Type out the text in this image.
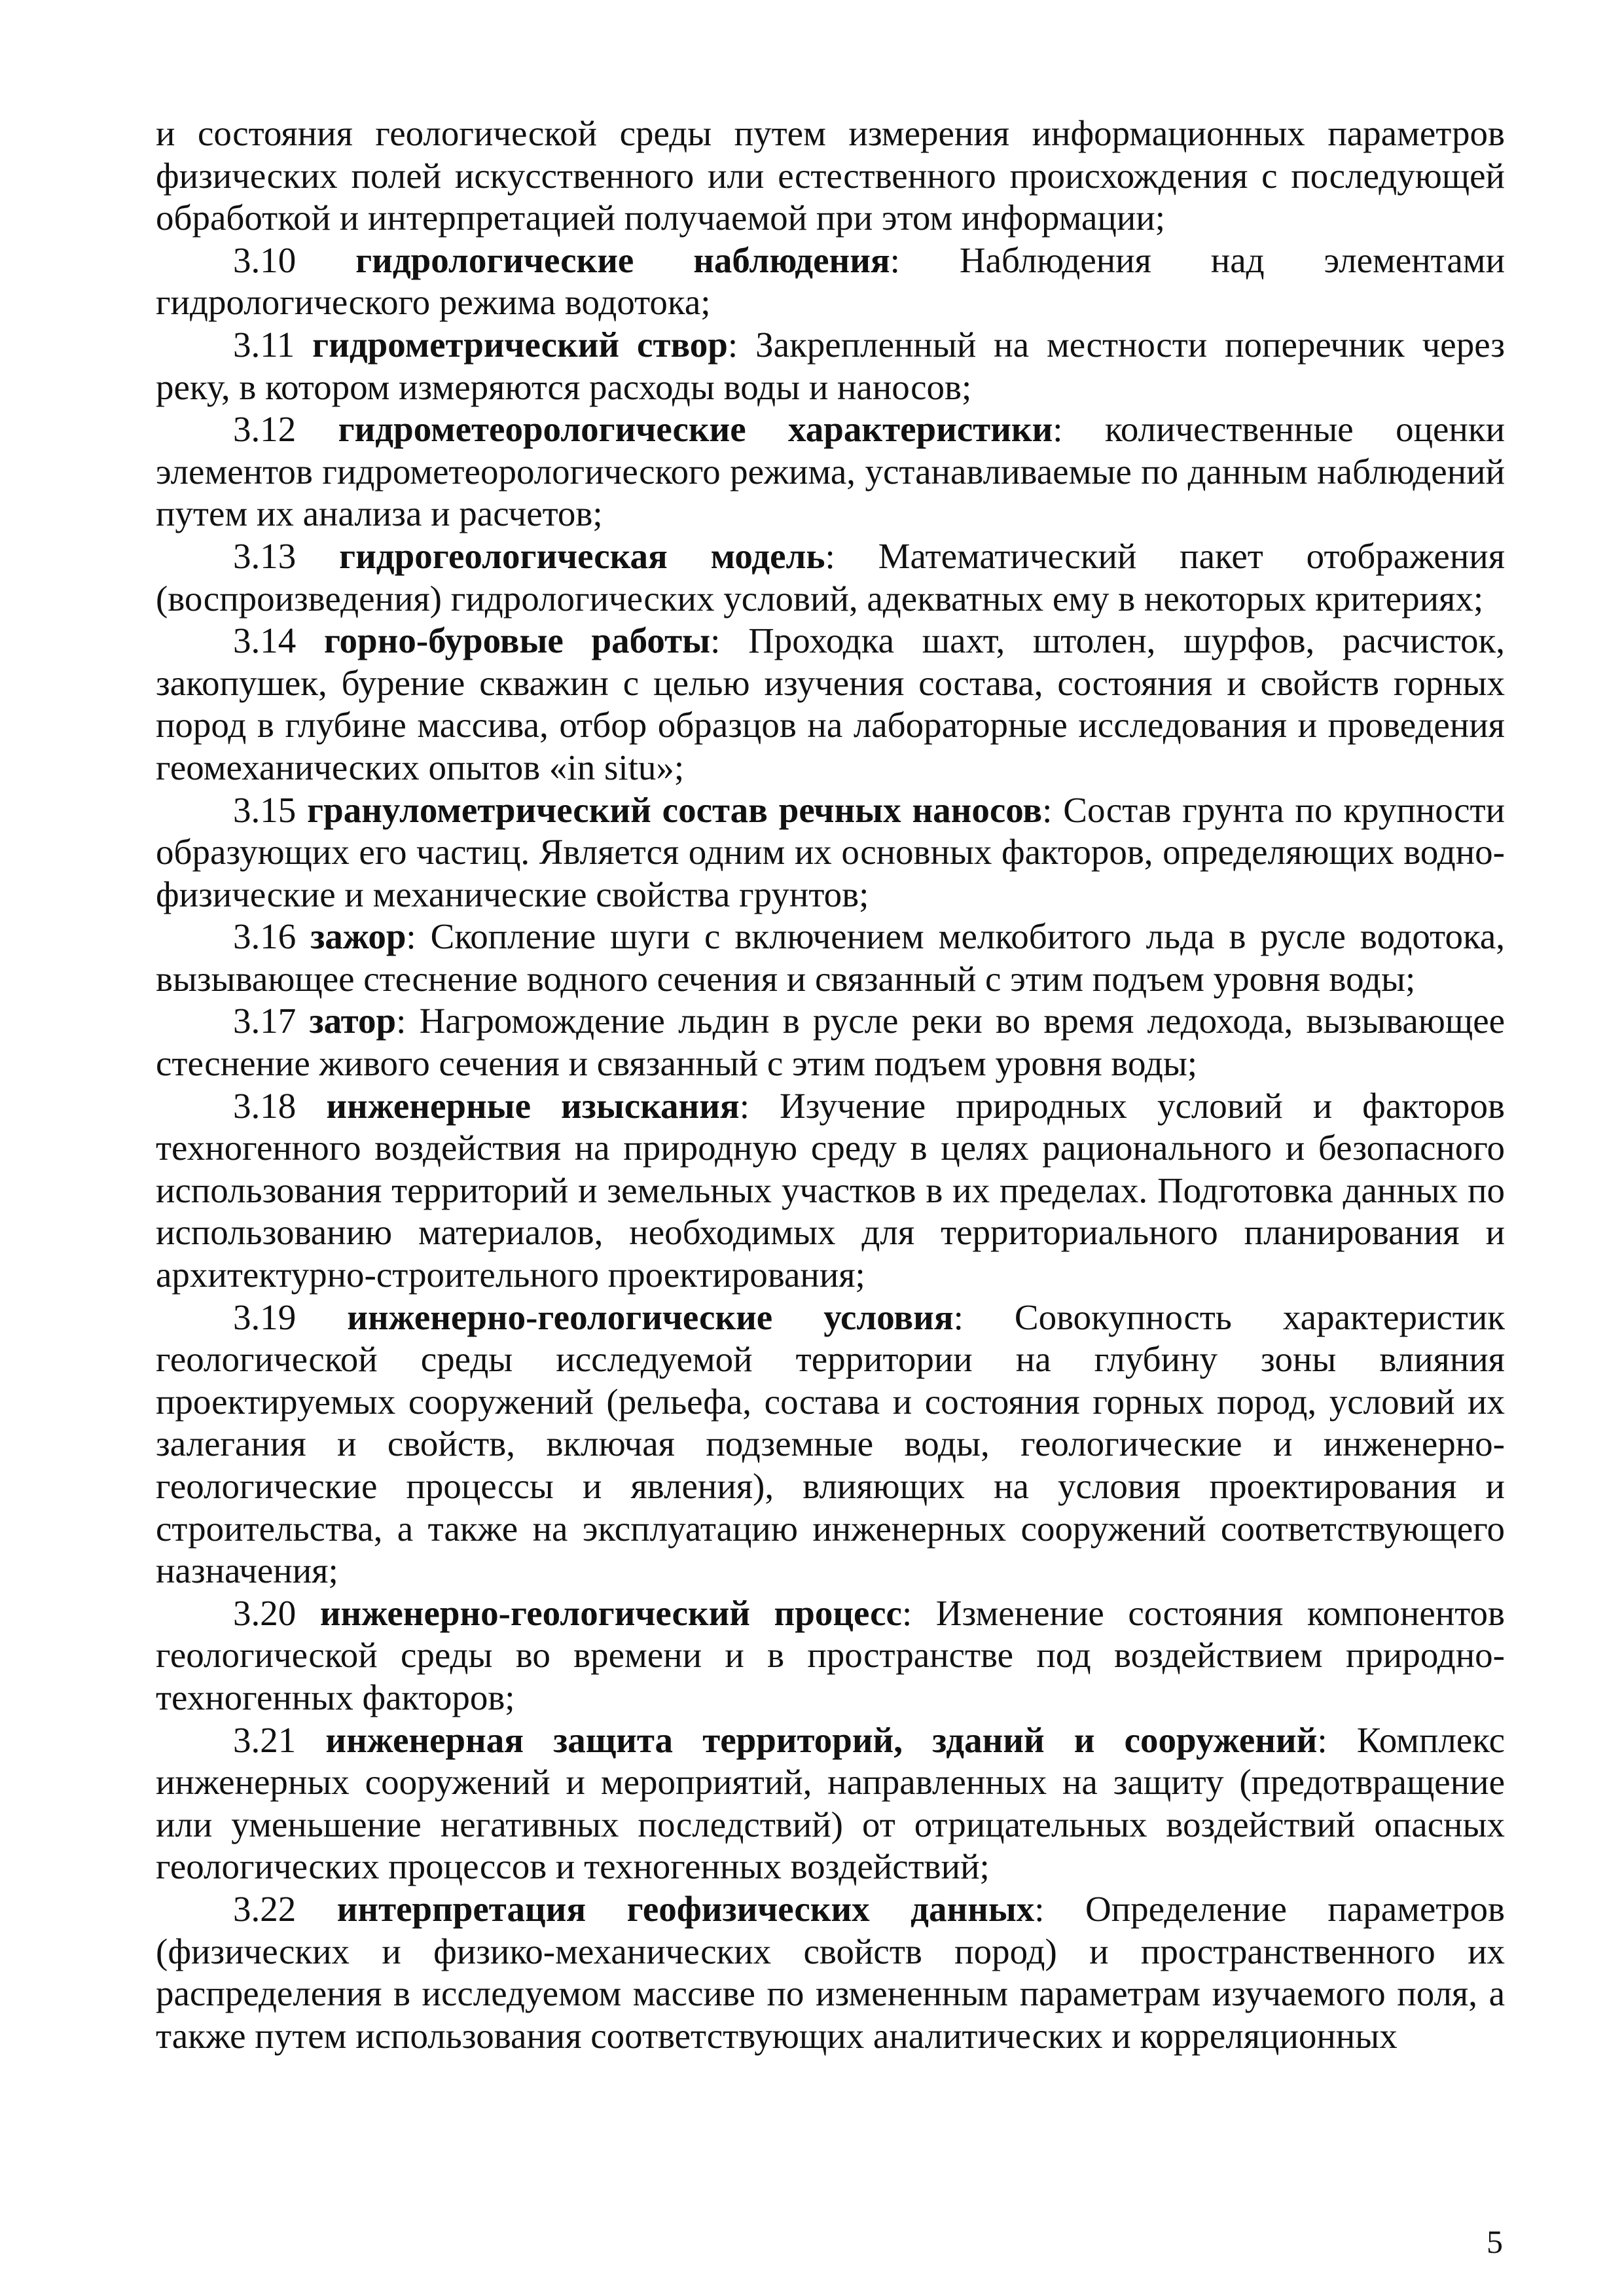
и состояния геологической среды путем измерения информационных параметров физических полей искусственного или естественного происхождения с последующей обработкой и интерпретацией получаемой при этом информации;

3.10 гидрологические наблюдения: Наблюдения над элементами гидрологического режима водотока;

3.11 гидрометрический створ: Закрепленный на местности поперечник через реку, в котором измеряются расходы воды и наносов;

3.12 гидрометеорологические характеристики: количественные оценки элементов гидрометеорологического режима, устанавливаемые по данным наблюдений путем их анализа и расчетов;

3.13 гидрогеологическая модель: Математический пакет отображения (воспроизведения) гидрологических условий, адекватных ему в некоторых критериях;

3.14 горно-буровые работы: Проходка шахт, штолен, шурфов, расчисток, закопушек, бурение скважин с целью изучения состава, состояния и свойств горных пород в глубине массива, отбор образцов на лабораторные исследования и проведения геомеханических опытов «in situ»;

3.15 гранулометрический состав речных наносов: Состав грунта по крупности образующих его частиц. Является одним их основных факторов, определяющих водно-физические и механические свойства грунтов;

3.16 зажор: Скопление шуги с включением мелкобитого льда в русле водотока, вызывающее стеснение водного сечения и связанный с этим подъем уровня воды;

3.17 затор: Нагромождение льдин в русле реки во время ледохода, вызывающее стеснение живого сечения и связанный с этим подъем уровня воды;

3.18 инженерные изыскания: Изучение природных условий и факторов техногенного воздействия на природную среду в целях рационального и безопасного использования территорий и земельных участков в их пределах. Подготовка данных по использованию материалов, необходимых для территориального планирования и архитектурно-строительного проектирования;

3.19 инженерно-геологические условия: Совокупность характеристик геологической среды исследуемой территории на глубину зоны влияния проектируемых сооружений (рельефа, состава и состояния горных пород, условий их залегания и свойств, включая подземные воды, геологические и инженерно-геологические процессы и явления), влияющих на условия проектирования и строительства, а также на эксплуатацию инженерных сооружений соответствующего назначения;

3.20 инженерно-геологический процесс: Изменение состояния компонентов геологической среды во времени и в пространстве под воздействием природно-техногенных факторов;

3.21 инженерная защита территорий, зданий и сооружений: Комплекс инженерных сооружений и мероприятий, направленных на защиту (предотвращение или уменьшение негативных последствий) от отрицательных воздействий опасных геологических процессов и техногенных воздействий;

3.22 интерпретация геофизических данных: Определение параметров (физических и физико-механических свойств пород) и пространственного их распределения в исследуемом массиве по измененным параметрам изучаемого поля, а также путем использования соответствующих аналитических и корреляционных

5
